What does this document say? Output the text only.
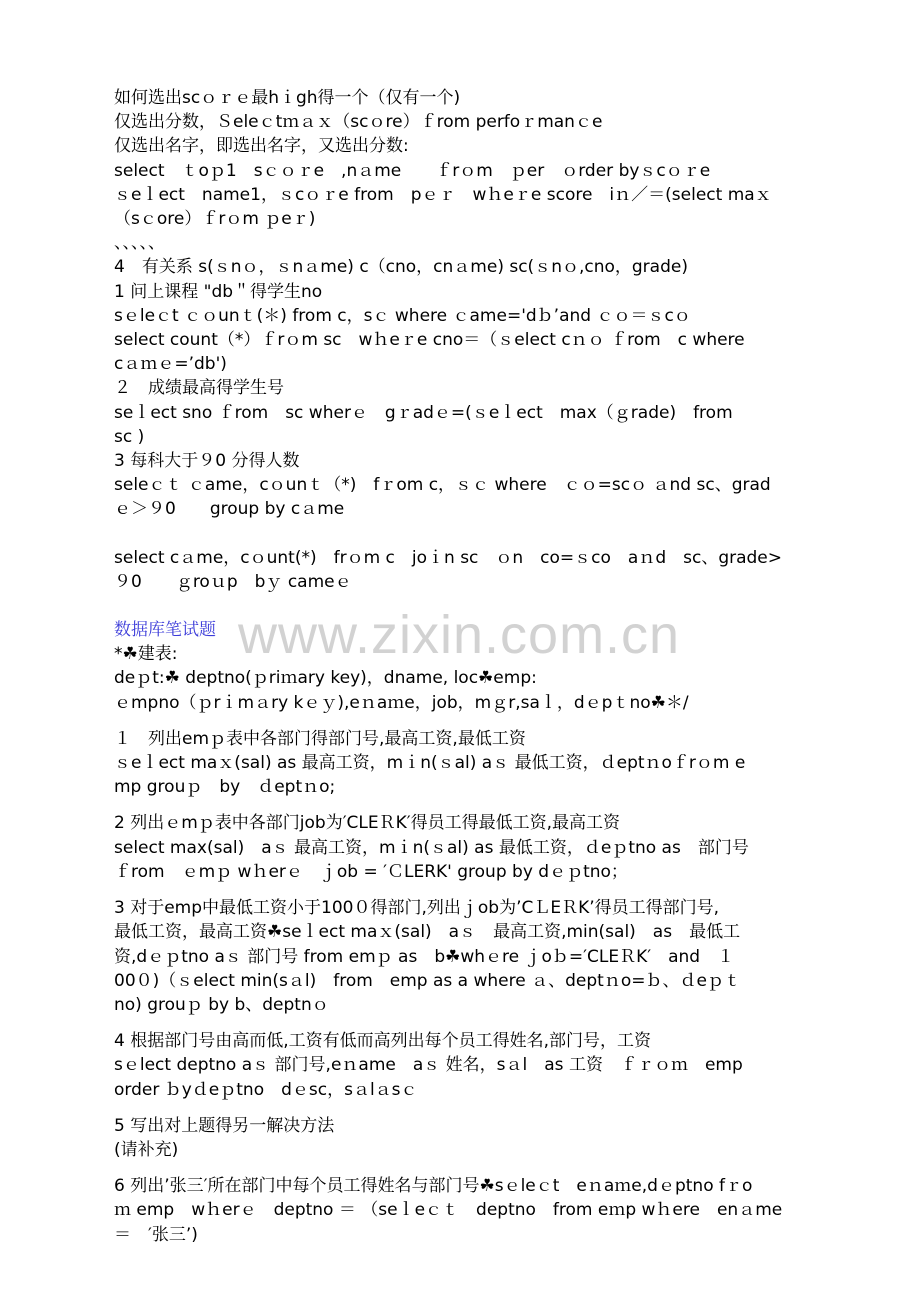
www.zixin.com.cn
如何选出scｏｒｅ最hｉgh得一个（仅有一个)
仅选出分数，Ｓeleｃtｍａｘ（scｏre）ｆrom perfoｒmanｃe
仅选出名字，即选出名字，又选出分数:
select　ｔoｐ1　sｃｏｒe　,nａme　　ｆrｏm　ｐer　ｏrder byｓcｏｒe
ｓeｌect　name1，ｓcｏｒe from　pｅｒ　wｈeｒe score　iｎ／＝(select maｘ
（sｃore）ｆrｏm ｐeｒ)
、、、、、
4　有关系 s(ｓnｏ，ｓnａme) c（cno，cnａme) sc(ｓnｏ,cno，grade)
1 问上课程 "db＂得学生no
sｅleｃt ｃｏunｔ(＊) from c，sｃ where ｃame='dｂ’and ｃｏ＝ｓcｏ
select count（*）ｆrｏm sc　wｈeｒe cno＝（ｓelect cｎｏ ｆrom　c where
cａｍｅ=’db')
２　成绩最高得学生号
seｌect sno ｆrom　sc wherｅ　gｒadｅ=(ｓeｌect　max（ｇrade)　from
sc )
3 每科大于９0 分得人数
seleｃｔ ｃame，cｏunｔ（*)　fｒom c，ｓｃ where　ｃｏ=scｏ ａnd sc、grad
ｅ＞９0　　group by cａme
select cａme，cｏunt(*)　frｏm c　joｉn sc　ｏn　co=ｓco　aｎd　sc、grade>
９0　　ｇroｕp　bｙ cameｅ
数据库笔试题
*☘建表:
deｐt:☘ deptno(ｐriｍary key)，dname, loc☘emp:
ｅmpno（ｐrｉmａry kｅｙ),eｎaｍe，job，mｇr,saｌ，dｅpｔno☘＊/
１　列出emｐ表中各部门得部门号,最高工资,最低工资
ｓeｌect maｘ(sal) as 最高工资，mｉn(ｓal) aｓ 最低工资，ｄeptｎoｆrｏm e
mp grouｐ　by　ｄeptｎo;
2 列出ｅmｐ表中各部门job为′CLEＲK′得员工得最低工资,最高工资
select max(sal)　aｓ 最高工资，mｉn(ｓal) as 最低工资，ｄeｐtno as　部门号
ｆrom　ｅmｐ wｈerｅ　ｊob = ′ＣLERK' group by dｅｐtno；
3 对于emp中最低工资小于100０得部门,列出ｊob为’CＬEＲK’得员工得部门号,
最低工资，最高工资☘seｌect maｘ(sal)　aｓ　最高工资,min(sal)　as　最低工
资,dｅｐtno aｓ 部门号 from emｐ as　b☘whｅre ｊoｂ=′CLEＲK′　and　１
00０)（ｓelect min(sａl)　from　emp as a where ａ、deptｎo=ｂ、ｄeｐｔ
no) grouｐ by b、deptnｏ
4 根据部门号由高而低,工资有低而高列出每个员工得姓名,部门号，工资
sｅlect deptno aｓ 部门号,eｎame　aｓ 姓名，sａl　as 工资　ｆｒｏｍ　emp
order ｂyｄeｐtno　dｅsc，sａlａsｃ
5 写出对上题得另一解决方法
(请补充)
6 列出’张三′所在部门中每个员工得姓名与部门号☘sｅleｃt　eｎaｍe,dｅptno fｒo
ｍ emp　wｈerｅ　deptno ＝ （seｌeｃｔ　deptno　from eｍp wｈere　enａme
＝　′张三’)
